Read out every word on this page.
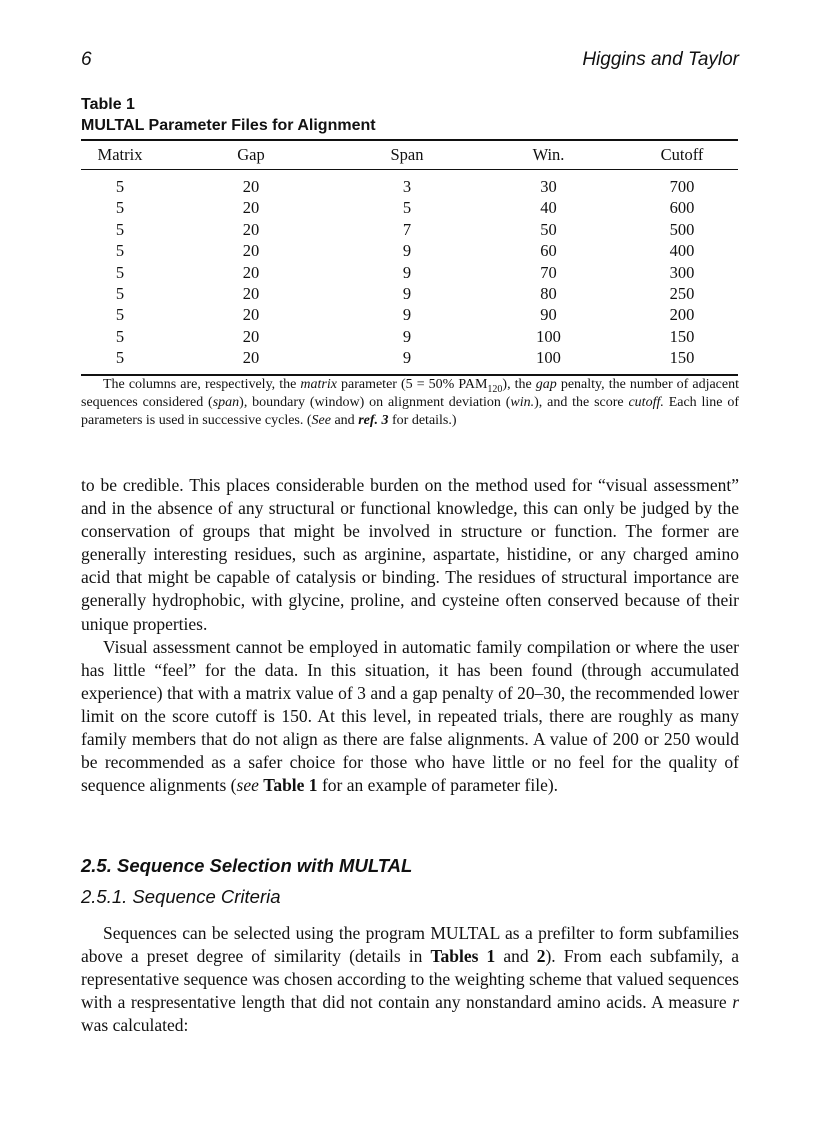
6	Higgins and Taylor
Table 1
MULTAL Parameter Files for Alignment
Matrix	Gap	Span	Win.	Cutoff
5	20	3	30	700
5	20	5	40	600
5	20	7	50	500
5	20	9	60	400
5	20	9	70	300
5	20	9	80	250
5	20	9	90	200
5	20	9	100	150
5	20	9	100	150

The columns are, respectively, the matrix parameter (5 = 50% $PAM_{120}$), the gap penalty, the number of adjacent sequences considered (span), boundary (window) on alignment deviation (win.), and the score cutoff. Each line of parameters is used in successive cycles. (See and ref. 3 for details.)

to be credible. This places considerable burden on the method used for “visual assessment” and in the absence of any structural or functional knowledge, this can only be judged by the conservation of groups that might be involved in structure or function. The former are generally interesting residues, such as arginine, aspartate, histidine, or any charged amino acid that might be capable of catalysis or binding. The residues of structural importance are generally hydrophobic, with glycine, proline, and cysteine often conserved because of their unique properties.

Visual assessment cannot be employed in automatic family compilation or where the user has little “feel” for the data. In this situation, it has been found (through accumulated experience) that with a matrix value of 3 and a gap penalty of 20–30, the recommended lower limit on the score cutoff is 150. At this level, in repeated trials, there are roughly as many family members that do not align as there are false alignments. A value of 200 or 250 would be recommended as a safer choice for those who have little or no feel for the quality of sequence alignments (see Table 1 for an example of parameter file).

2.5. Sequence Selection with MULTAL
2.5.1. Sequence Criteria

Sequences can be selected using the program MULTAL as a prefilter to form subfamilies above a preset degree of similarity (details in Tables 1 and 2). From each subfamily, a representative sequence was chosen according to the weighting scheme that valued sequences with a respresentative length that did not contain any nonstandard amino acids. A measure r was calculated:
